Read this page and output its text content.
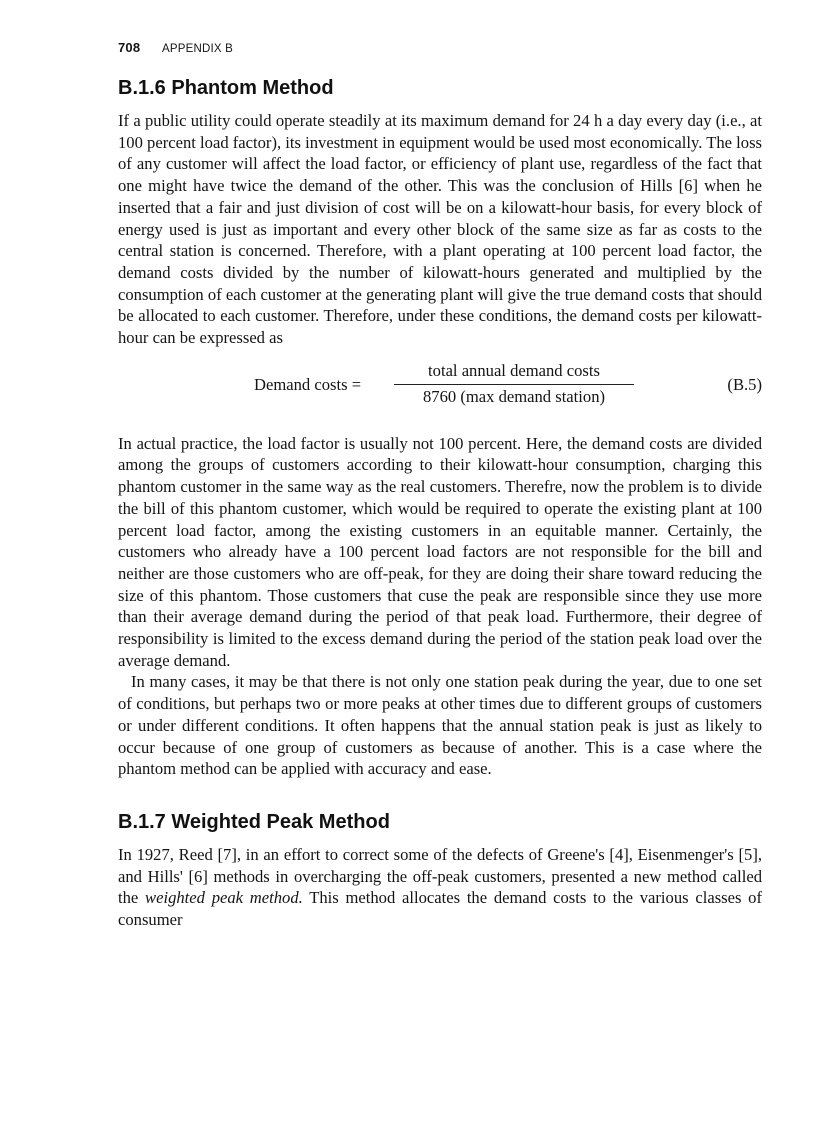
708 APPENDIX B
B.1.6 Phantom Method

If a public utility could operate steadily at its maximum demand for 24 h a day every day (i.e., at 100 percent load factor), its investment in equipment would be used most economically. The loss of any customer will affect the load factor, or efficiency of plant use, regardless of the fact that one might have twice the demand of the other. This was the conclusion of Hills [6] when he inserted that a fair and just division of cost will be on a kilowatt-hour basis, for every block of energy used is just as important and every other block of the same size as far as costs to the central station is concerned. Therefore, with a plant operating at 100 percent load factor, the demand costs divided by the number of kilowatt-hours generated and multiplied by the consumption of each customer at the generating plant will give the true demand costs that should be allocated to each customer. Therefore, under these conditions, the demand costs per kilowatt-hour can be expressed as

Demand costs =
total annual demand costs
8760 (max demand station)
(B.5)

In actual practice, the load factor is usually not 100 percent. Here, the demand costs are divided among the groups of customers according to their kilowatt-hour consumption, charging this phantom customer in the same way as the real customers. Therefre, now the problem is to divide the bill of this phantom customer, which would be required to operate the existing plant at 100 percent load factor, among the existing customers in an equitable manner. Certainly, the customers who already have a 100 percent load factors are not responsible for the bill and neither are those customers who are off-peak, for they are doing their share toward reducing the size of this phantom. Those customers that cuse the peak are responsible since they use more than their average demand during the period of that peak load. Furthermore, their degree of responsibility is limited to the excess demand during the period of the station peak load over the average demand.

In many cases, it may be that there is not only one station peak during the year, due to one set of conditions, but perhaps two or more peaks at other times due to different groups of customers or under different conditions. It often happens that the annual station peak is just as likely to occur because of one group of customers as because of another. This is a case where the phantom method can be applied with accuracy and ease.

B.1.7 Weighted Peak Method

In 1927, Reed [7], in an effort to correct some of the defects of Greene's [4], Eisenmenger's [5], and Hills' [6] methods in overcharging the off-peak customers, presented a new method called the weighted peak method. This method allocates the demand costs to the various classes of consumer
